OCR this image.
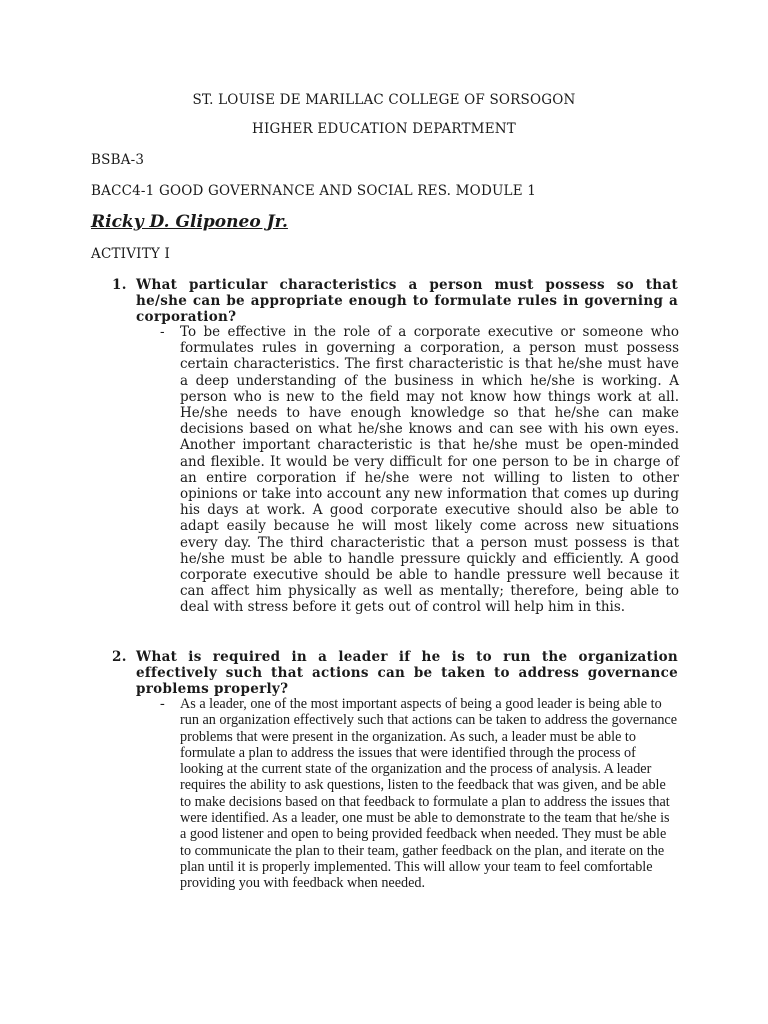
ST. LOUISE DE MARILLAC COLLEGE OF SORSOGON
HIGHER EDUCATION DEPARTMENT
BSBA-3
BACC4-1 GOOD GOVERNANCE AND SOCIAL RES. MODULE 1
Ricky D. Gliponeo Jr.
ACTIVITY I
1. What particular characteristics a person must possess so that he/she can be appropriate enough to formulate rules in governing a corporation?
- To be effective in the role of a corporate executive or someone who formulates rules in governing a corporation, a person must possess certain characteristics. The first characteristic is that he/she must have a deep understanding of the business in which he/she is working. A person who is new to the field may not know how things work at all. He/she needs to have enough knowledge so that he/she can make decisions based on what he/she knows and can see with his own eyes. Another important characteristic is that he/she must be open-minded and flexible. It would be very difficult for one person to be in charge of an entire corporation if he/she were not willing to listen to other opinions or take into account any new information that comes up during his days at work. A good corporate executive should also be able to adapt easily because he will most likely come across new situations every day. The third characteristic that a person must possess is that he/she must be able to handle pressure quickly and efficiently. A good corporate executive should be able to handle pressure well because it can affect him physically as well as mentally; therefore, being able to deal with stress before it gets out of control will help him in this.
2. What is required in a leader if he is to run the organization effectively such that actions can be taken to address governance problems properly?
- As a leader, one of the most important aspects of being a good leader is being able to run an organization effectively such that actions can be taken to address the governance problems that were present in the organization. As such, a leader must be able to formulate a plan to address the issues that were identified through the process of looking at the current state of the organization and the process of analysis. A leader requires the ability to ask questions, listen to the feedback that was given, and be able to make decisions based on that feedback to formulate a plan to address the issues that were identified. As a leader, one must be able to demonstrate to the team that he/she is a good listener and open to being provided feedback when needed. They must be able to communicate the plan to their team, gather feedback on the plan, and iterate on the plan until it is properly implemented. This will allow your team to feel comfortable providing you with feedback when needed.
